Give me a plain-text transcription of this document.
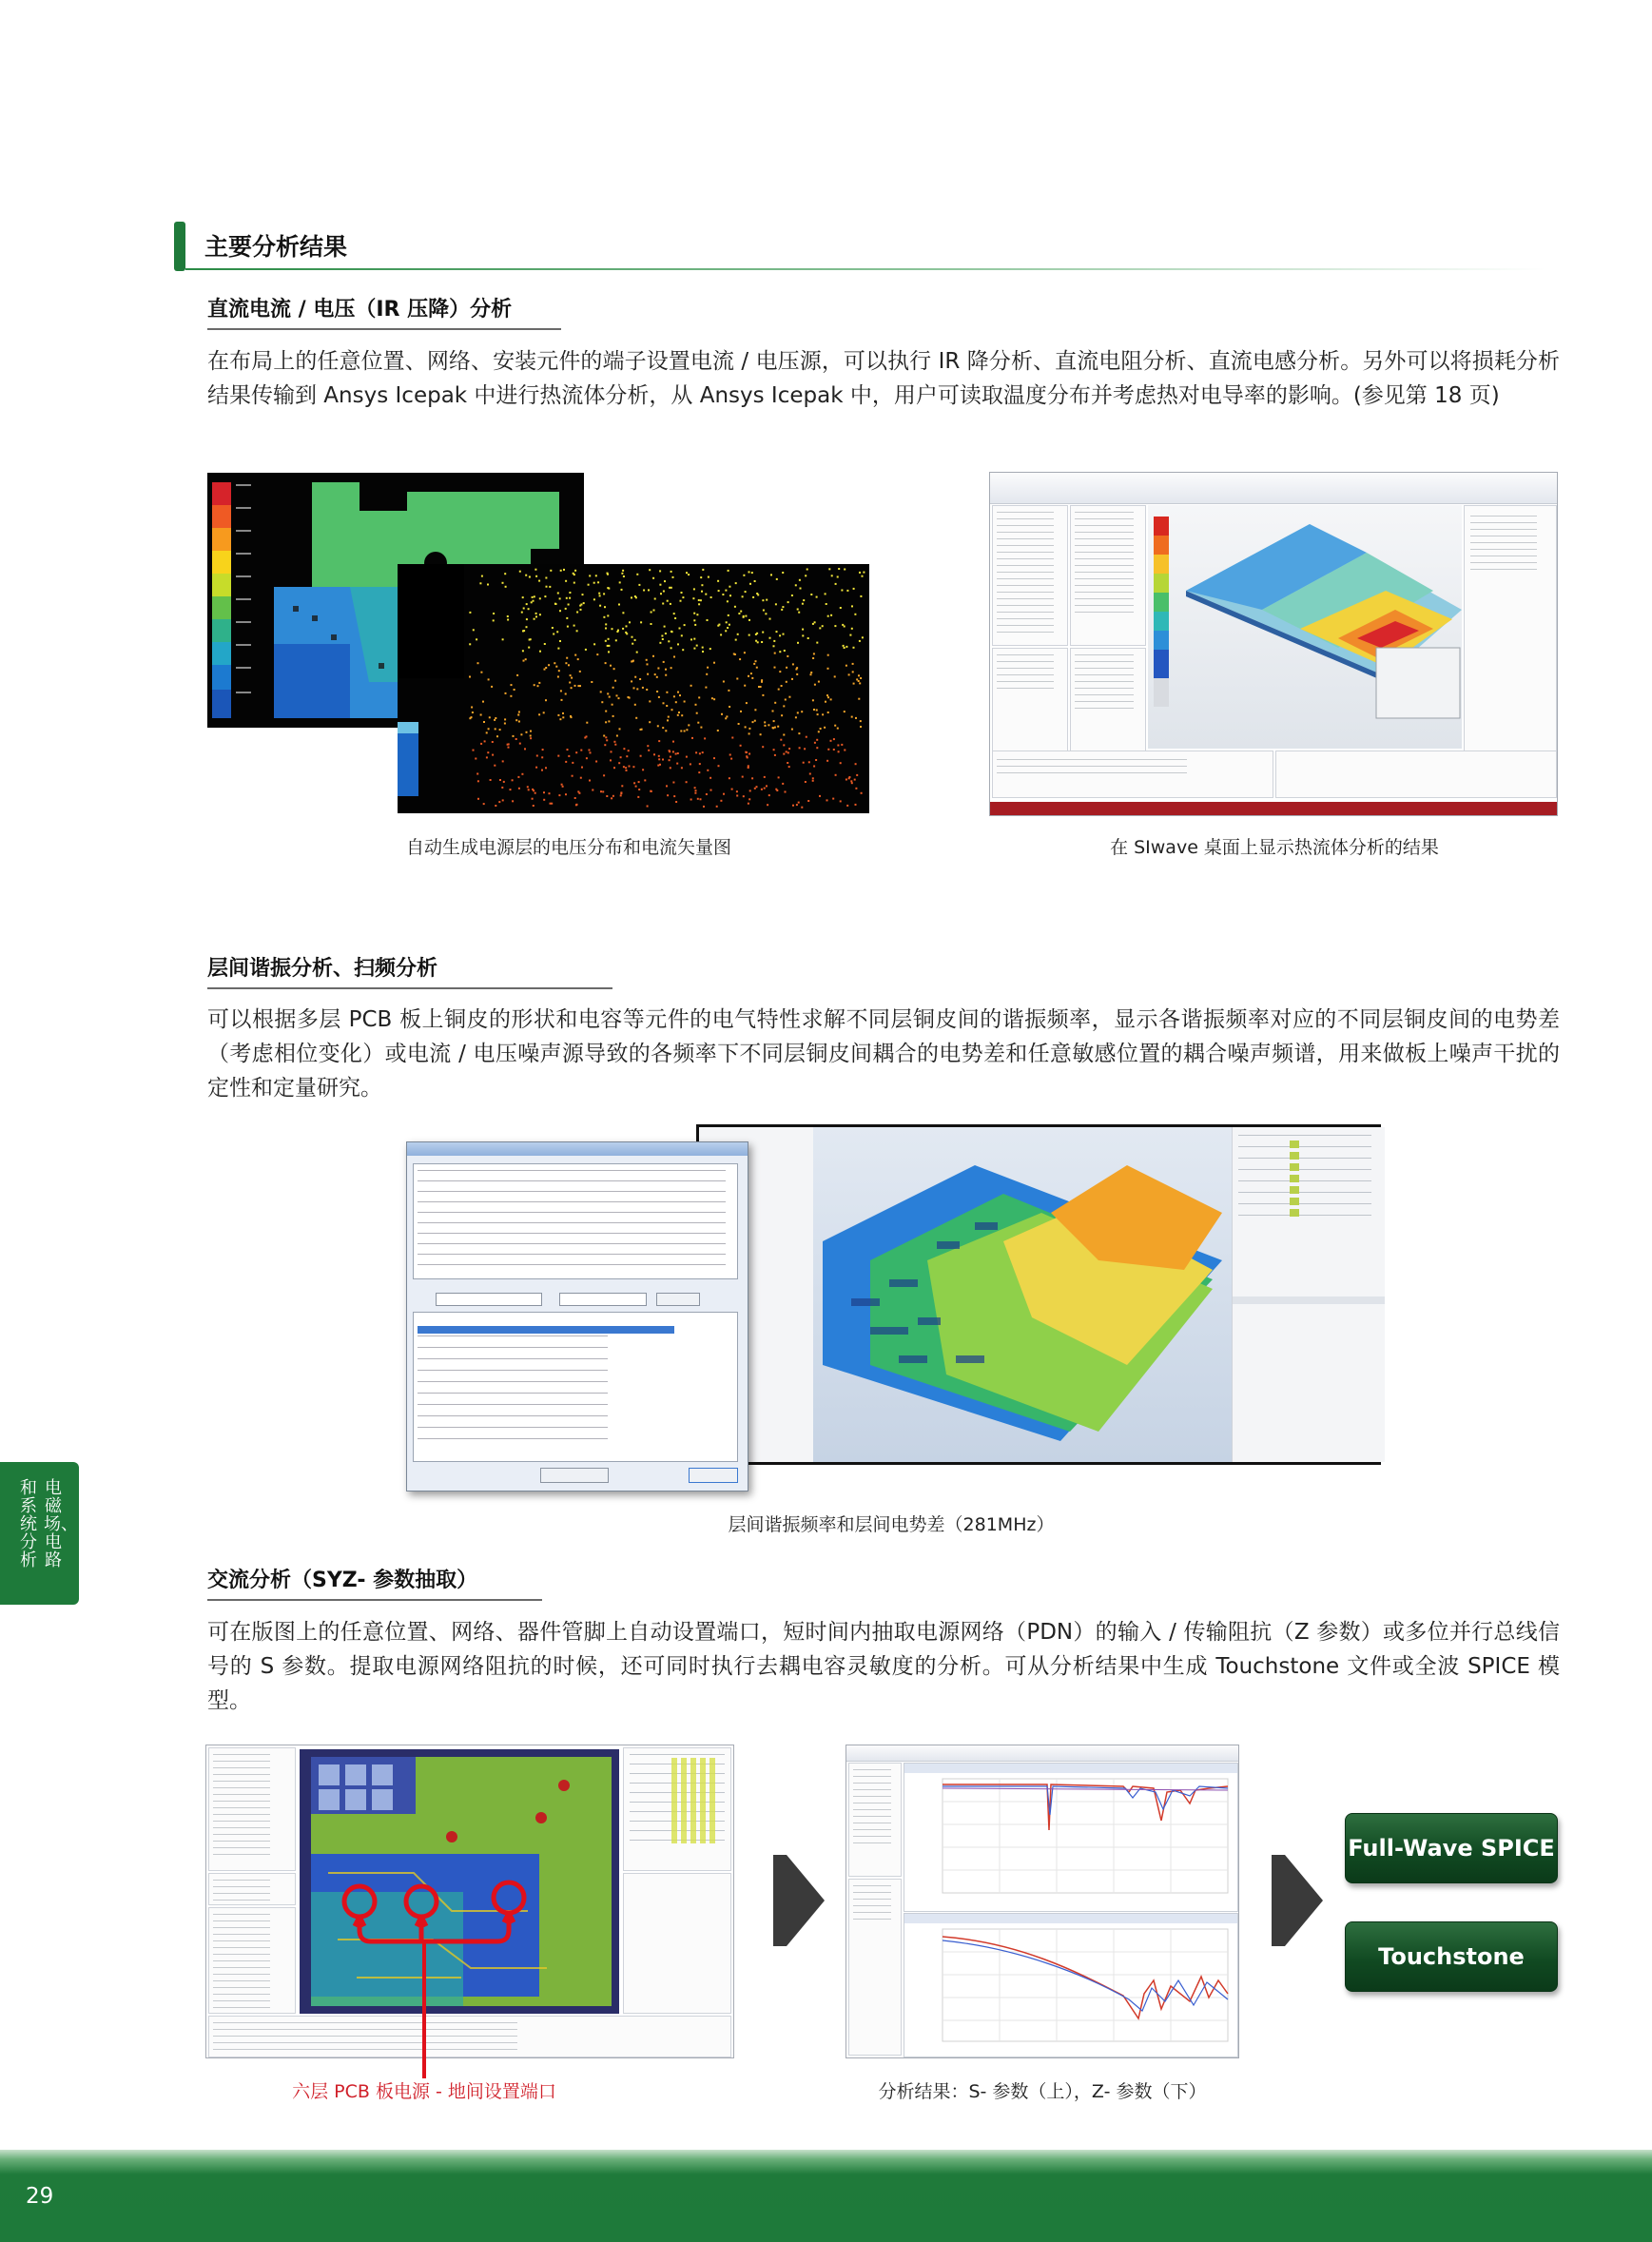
主要分析结果
直流电流 / 电压（IR 压降）分析
在布局上的任意位置、网络、安装元件的端子设置电流 / 电压源，可以执行 IR 降分析、直流电阻分析、直流电感分析。另外可以将损耗分析结果传输到 Ansys Icepak 中进行热流体分析，从 Ansys Icepak 中，用户可读取温度分布并考虑热对电导率的影响。(参见第 18 页)
自动生成电源层的电压分布和电流矢量图	在 SIwave 桌面上显示热流体分析的结果
层间谐振分析、扫频分析
可以根据多层 PCB 板上铜皮的形状和电容等元件的电气特性求解不同层铜皮间的谐振频率，显示各谐振频率对应的不同层铜皮间的电势差（考虑相位变化）或电流 / 电压噪声源导致的各频率下不同层铜皮间耦合的电势差和任意敏感位置的耦合噪声频谱，用来做板上噪声干扰的定性和定量研究。
层间谐振频率和层间电势差（281MHz）
电磁场、电路
和系统分析
交流分析（SYZ- 参数抽取）
可在版图上的任意位置、网络、器件管脚上自动设置端口，短时间内抽取电源网络（PDN）的输入 / 传输阻抗（Z 参数）或多位并行总线信号的 S 参数。提取电源网络阻抗的时候，还可同时执行去耦电容灵敏度的分析。可从分析结果中生成 Touchstone 文件或全波 SPICE 模型。
六层 PCB 板电源 - 地间设置端口	分析结果：S- 参数（上），Z- 参数（下）
Full-Wave SPICE
Touchstone
29
